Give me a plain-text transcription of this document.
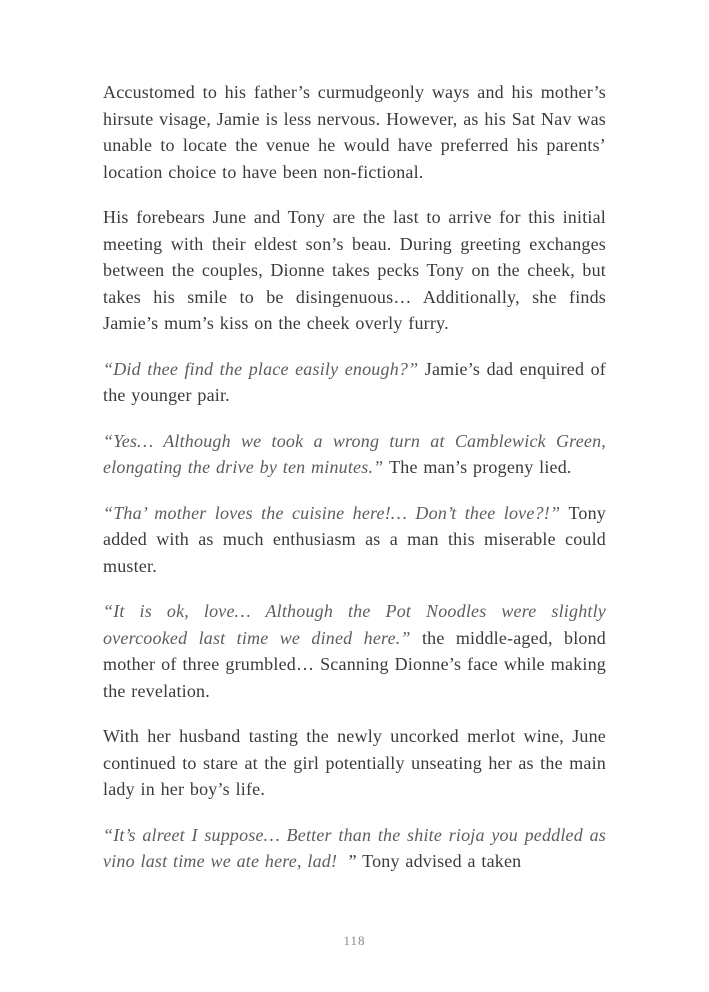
Accustomed to his father’s curmudgeonly ways and his mother’s hirsute visage, Jamie is less nervous. However, as his Sat Nav was unable to locate the venue he would have preferred his parents’ location choice to have been non-fictional.

His forebears June and Tony are the last to arrive for this initial meeting with their eldest son’s beau. During greeting exchanges between the couples, Dionne takes pecks Tony on the cheek, but takes his smile to be disingenuous… Additionally, she finds Jamie’s mum’s kiss on the cheek overly furry.

“Did thee find the place easily enough?” Jamie’s dad enquired of the younger pair.

“Yes… Although we took a wrong turn at Camblewick Green, elongating the drive by ten minutes.” The man’s progeny lied.

“Tha’ mother loves the cuisine here!… Don’t thee love?!” Tony added with as much enthusiasm as a man this miserable could muster.

“It is ok, love… Although the Pot Noodles were slightly overcooked last time we dined here.” the middle-aged, blond mother of three grumbled… Scanning Dionne’s face while making the revelation.

With her husband tasting the newly uncorked merlot wine, June continued to stare at the girl potentially unseating her as the main lady in her boy’s life.

“It’s alreet I suppose… Better than the shite rioja you peddled as vino last time we ate here, lad!  ” Tony advised a taken

118
